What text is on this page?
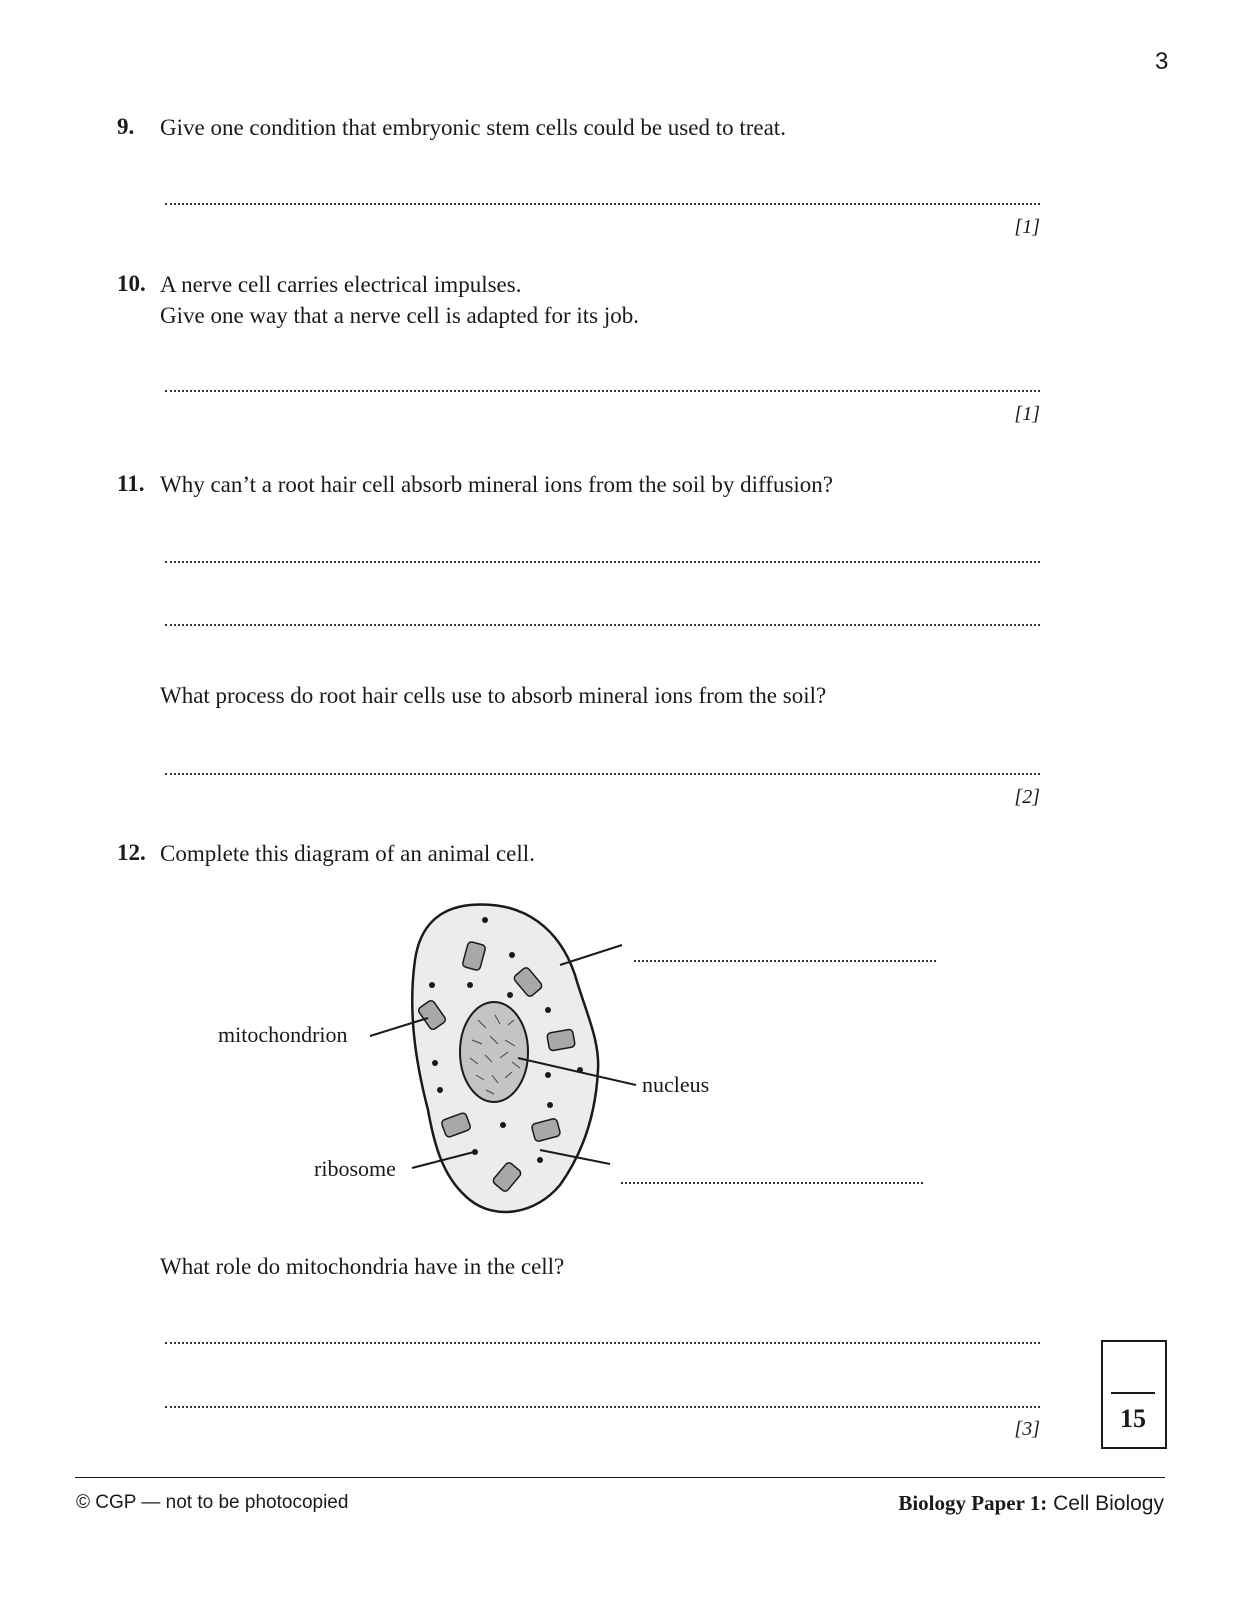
3
9. Give one condition that embryonic stem cells could be used to treat.
[1]
10. A nerve cell carries electrical impulses.
Give one way that a nerve cell is adapted for its job.
[1]
11. Why can’t a root hair cell absorb mineral ions from the soil by diffusion?
What process do root hair cells use to absorb mineral ions from the soil?
[2]
12. Complete this diagram of an animal cell.
mitochondrion
nucleus
ribosome
What role do mitochondria have in the cell?
[3]	15
© CGP — not to be photocopied	Biology Paper 1: Cell Biology
